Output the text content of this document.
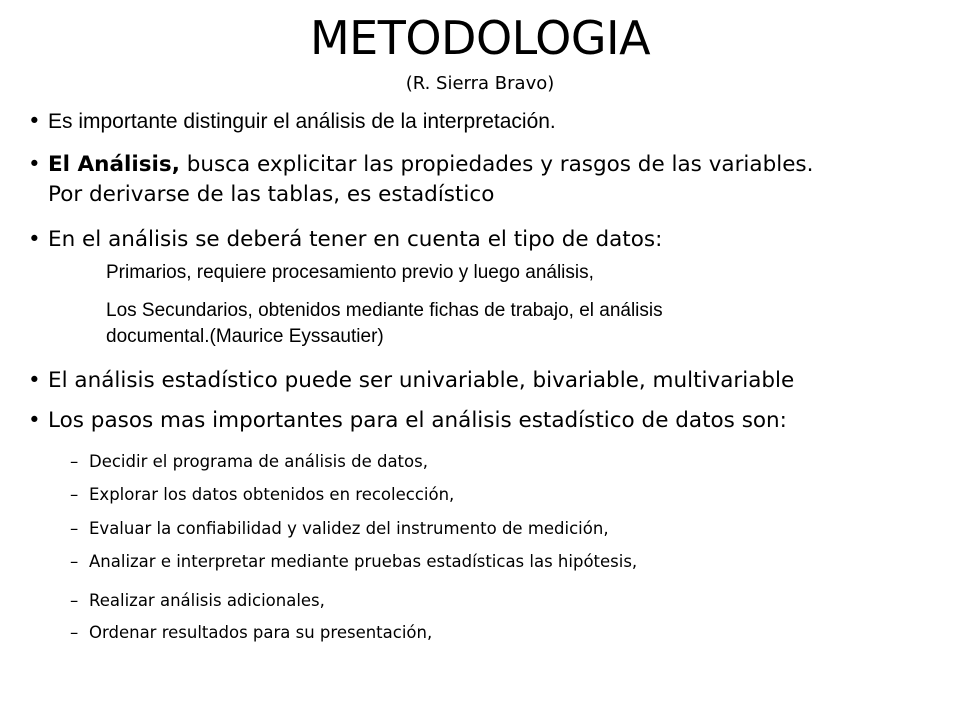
METODOLOGIA
(R. Sierra Bravo)
• Es importante distinguir el análisis de la interpretación.
• El Análisis, busca explicitar las propiedades y rasgos de las variables.
Por derivarse de las tablas, es estadístico
• En el análisis se deberá tener en cuenta el tipo de datos:
Primarios, requiere procesamiento previo y luego análisis,
Los Secundarios, obtenidos mediante fichas de trabajo, el análisis
documental.(Maurice Eyssautier)
• El análisis estadístico puede ser univariable, bivariable, multivariable
• Los pasos mas importantes para el análisis estadístico de datos son:
– Decidir el programa de análisis de datos,
– Explorar los datos obtenidos en recolección,
– Evaluar la confiabilidad y validez del instrumento de medición,
– Analizar e interpretar mediante pruebas estadísticas las hipótesis,
– Realizar análisis adicionales,
– Ordenar resultados para su presentación,
